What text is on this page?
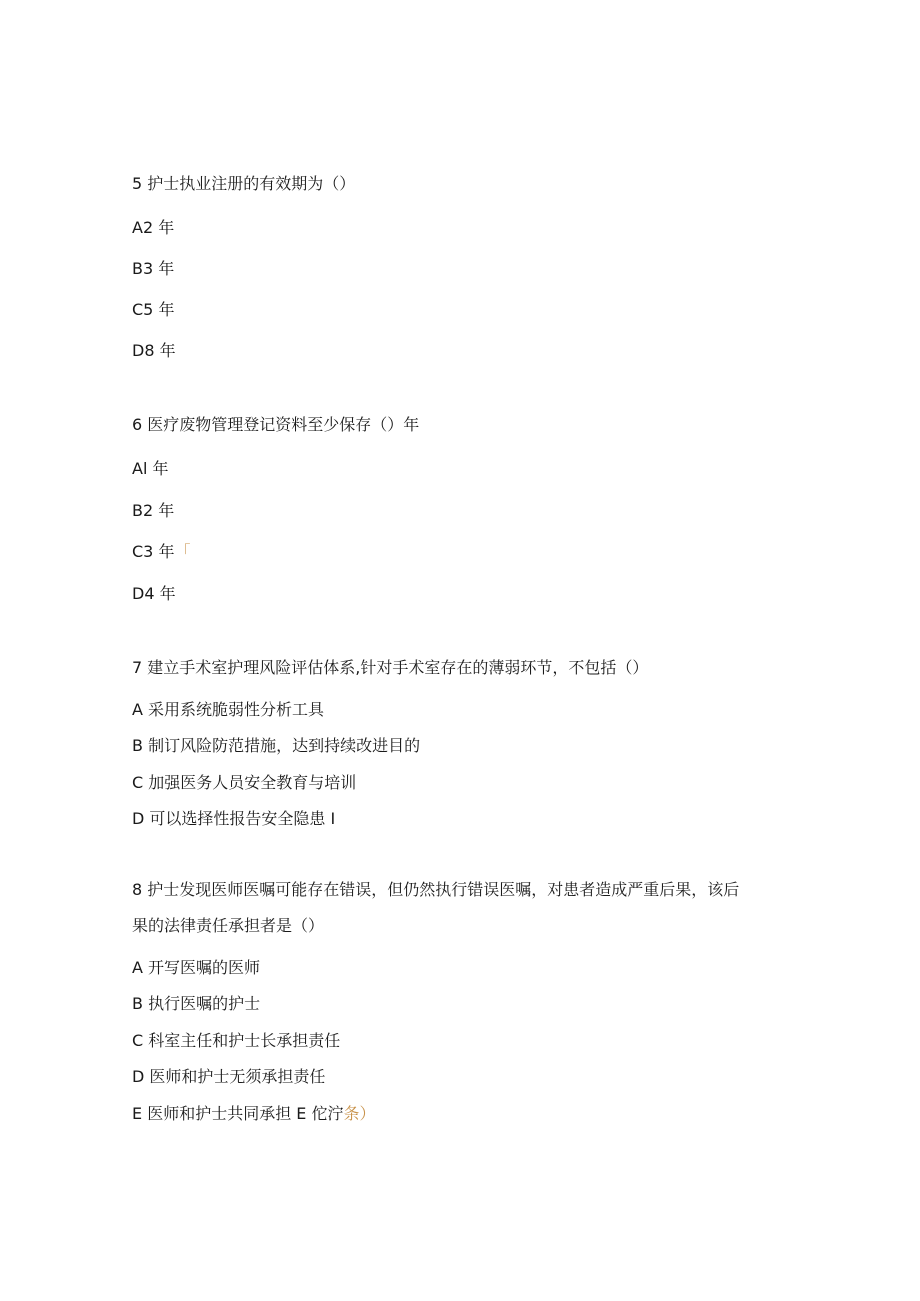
5 护士执业注册的有效期为（）
A2 年
B3 年
C5 年
D8 年
6 医疗废物管理登记资料至少保存（）年
Al 年
B2 年
C3 年「
D4 年
7 建立手术室护理风险评估体系,针对手术室存在的薄弱环节，不包括（）
A 采用系统脆弱性分析工具
B 制订风险防范措施，达到持续改进目的
C 加强医务人员安全教育与培训
D 可以选择性报告安全隐患 I
8 护士发现医师医嘱可能存在错误，但仍然执行错误医嘱，对患者造成严重后果，该后
果的法律责任承担者是（）
A 开写医嘱的医师
B 执行医嘱的护士
C 科室主任和护士长承担责任
D 医师和护士无须承担责任
E 医师和护士共同承担 E 佗泞条）
